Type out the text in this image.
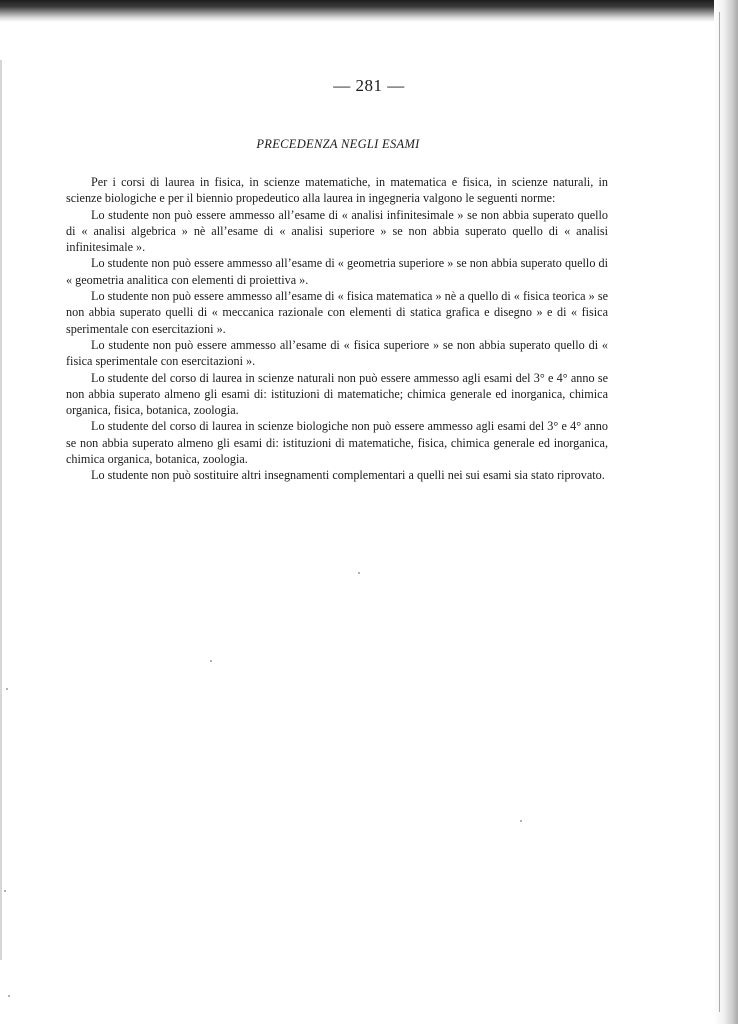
— 281 —
PRECEDENZA NEGLI ESAMI

Per i corsi di laurea in fisica, in scienze matematiche, in matematica e fisica, in scienze naturali, in scienze biologiche e per il biennio propedeutico alla laurea in ingegneria valgono le seguenti norme:

Lo studente non può essere ammesso all’esame di « analisi infinitesimale » se non abbia superato quello di « analisi algebrica » nè all’esame di « analisi superiore » se non abbia superato quello di « analisi infinitesimale ».

Lo studente non può essere ammesso all’esame di « geometria superiore » se non abbia superato quello di « geometria analitica con elementi di proiettiva ».

Lo studente non può essere ammesso all’esame di « fisica matematica » nè a quello di « fisica teorica » se non abbia superato quelli di « meccanica razionale con elementi di statica grafica e disegno » e di « fisica sperimentale con esercitazioni ».

Lo studente non può essere ammesso all’esame di « fisica superiore » se non abbia superato quello di « fisica sperimentale con esercitazioni ».

Lo studente del corso di laurea in scienze naturali non può essere ammesso agli esami del 3° e 4° anno se non abbia superato almeno gli esami di: istituzioni di matematiche; chimica generale ed inorganica, chimica organica, fisica, botanica, zoologia.

Lo studente del corso di laurea in scienze biologiche non può essere ammesso agli esami del 3° e 4° anno se non abbia superato almeno gli esami di: istituzioni di matematiche, fisica, chimica generale ed inorganica, chimica organica, botanica, zoologia.

Lo studente non può sostituire altri insegnamenti complementari a quelli nei sui esami sia stato riprovato.
